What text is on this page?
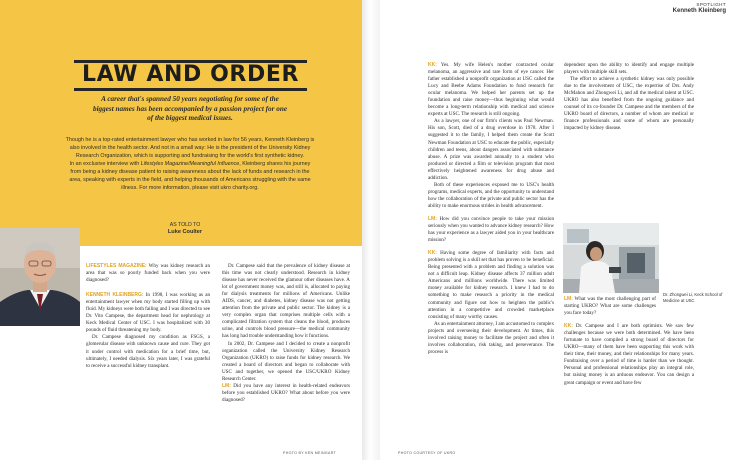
LAW AND ORDER

A career that's spanned 50 years negotiating for some of the biggest names has been accompanied by a passion project for one of the biggest medical issues.

Though he is a top-rated entertainment lawyer who has worked in law for 56 years, Kenneth Kleinberg is also involved in the health sector. And not in a small way: He is the president of the University Kidney Research Organization, which is supporting and fundraising for the world's first synthetic kidney.

In an exclusive interview with Lifestyles Magazine/Meaningful Influence, Kleinberg shares his journey from being a kidney disease patient to raising awareness about the lack of funds and research in the area, speaking with experts in the field, and helping thousands of Americans struggling with the same illness. For more information, please visit ukro charity.org.

AS TOLD TO
Luke Coulter

LIFESTYLES MAGAZINE: Why was kidney research an area that was so poorly funded back when you were diagnosed?

KENNETH KLEINBERG: In 1998, I was working as an entertainment lawyer when my body started filling up with fluid. My kidneys were both failing and I was directed to see Dr. Vito Campese, the department head for nephrology at Keck Medical Center of USC. I was hospitalized with 30 pounds of fluid threatening my body.

Dr. Campese diagnosed my condition as FSGS, a glomerular disease with unknown cause and cure. They got it under control with medication for a brief time, but, ultimately, I needed dialysis. Six years later, I was grateful to receive a successful kidney transplant.

Dr. Campese said that the prevalence of kidney disease at this time was not clearly understood. Research in kidney disease has never received the glamour other diseases have. A lot of government money was, and still is, allocated to paying for dialysis treatments for millions of Americans. Unlike AIDS, cancer, and diabetes, kidney disease was not getting attention from the private and public sector. The kidney is a very complex organ that comprises multiple cells with a complicated filtration system that cleans the blood, produces urine, and controls blood pressure—the medical community has long had trouble understanding how it functions.

In 2002, Dr. Campese and I decided to create a nonprofit organization called the University Kidney Research Organization (UKRO) to raise funds for kidney research. We created a board of directors and began to collaborate with USC and together, we opened the USC/UKRO Kidney Research Center.

LM: Did you have any interest in health-related endeavors before you established UKRO? What about before you were diagnosed?

PHOTO BY KEN MEINGART
SPOTLIGHT
Kenneth Kleinberg

KK: Yes. My wife Helen's mother contracted ocular melanoma, an aggressive and rare form of eye cancer. Her father established a nonprofit organization at USC called the Lucy and Beebe Adams Foundation to fund research for ocular melanoma. We helped her parents set up the foundation and raise money—thus beginning what would become a long-term relationship with medical and science experts at USC. The research is still ongoing.

As a lawyer, one of our firm's clients was Paul Newman. His son, Scott, died of a drug overdose in 1978. After I suggested it to the family, I helped them create the Scott Newman Foundation at USC to educate the public, especially children and teens, about dangers associated with substance abuse. A prize was awarded annually to a student who produced or directed a film or television program that most effectively heightened awareness for drug abuse and addiction.

Both of these experiences exposed me to USC's health programs, medical experts, and the opportunity to understand how the collaboration of the private and public sector has the ability to make enormous strides in health advancement.

LM: How did you convince people to take your mission seriously when you wanted to advance kidney research? How has your experience as a lawyer aided you in your healthcare mission?

KK: Having some degree of familiarity with facts and problem solving is a skill set that has proven to be beneficial. Being presented with a problem and finding a solution was not a difficult leap. Kidney disease affects 37 million adult Americans and millions worldwide. There was limited money available for kidney research. I knew I had to do something to make research a priority in the medical community and figure out how to heighten the public's attention in a competitive and crowded marketplace consisting of many worthy causes.

As an entertainment attorney, I am accustomed to complex projects and overseeing their development. At times, this involved raising money to facilitate the project and often it involves collaboration, risk taking, and perseverance. The process is

PHOTO COURTESY OF UKRO

dependent upon the ability to identify and engage multiple players with multiple skill sets.

The effort to achieve a synthetic kidney was only possible due to the involvement of USC, the expertise of Drs. Andy McMahon and Zhongwei Li, and all the medical talent at USC. UKRO has also benefited from the ongoing guidance and counsel of its co-founder Dr. Campese and the members of the UKRO board of directors, a number of whom are medical or finance professionals and some of whom are personally impacted by kidney disease.

Dr. Zhongwei Li, Keck School of Medicine at USC

LM: What was the most challenging part of starting UKRO? What are some challenges you face today?

KK: Dr. Campese and I are both optimists. We saw few challenges because we were both determined. We have been fortunate to have compiled a strong board of directors for UKRO—many of them have been supporting this work with their time, their money, and their relationships for many years. Fundraising over a period of time is harder than we thought. Personal and professional relationships play an integral role, but raising money is an arduous endeavor. You can design a great campaign or event and have few
